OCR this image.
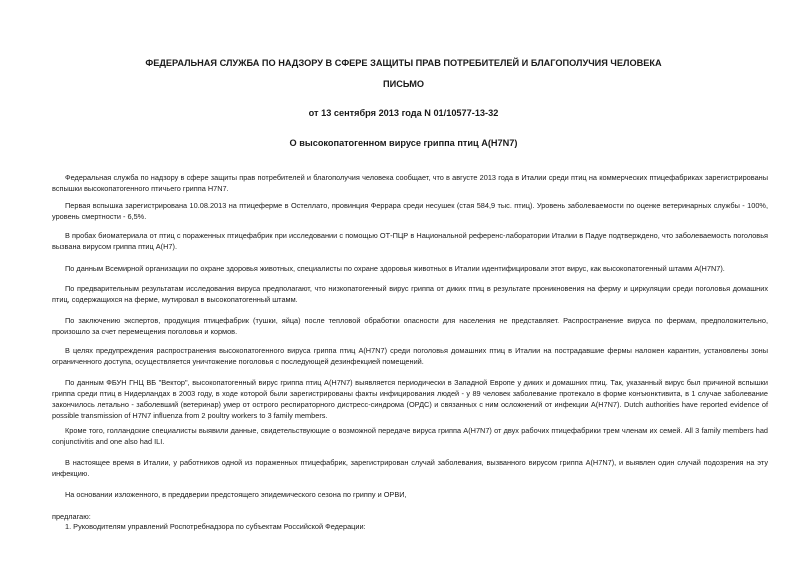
ФЕДЕРАЛЬНАЯ СЛУЖБА ПО НАДЗОРУ В СФЕРЕ ЗАЩИТЫ ПРАВ ПОТРЕБИТЕЛЕЙ И БЛАГОПОЛУЧИЯ ЧЕЛОВЕКА
ПИСЬМО
от 13 сентября 2013 года N 01/10577-13-32
О высокопатогенном вирусе гриппа птиц A(H7N7)

Федеральная служба по надзору в сфере защиты прав потребителей и благополучия человека сообщает, что в августе 2013 года в Италии среди птиц на коммерческих птицефабриках зарегистрированы вспышки высокопатогенного птичьего гриппа H7N7.

Первая вспышка зарегистрирована 10.08.2013 на птицеферме в Остеллато, провинция Феррара среди несушек (стая 584,9 тыс. птиц). Уровень заболеваемости по оценке ветеринарных службы - 100%, уровень смертности - 6,5%.

В пробах биоматериала от птиц с пораженных птицефабрик при исследовании с помощью ОТ-ПЦР в Национальной референс-лаборатории Италии в Падуе подтверждено, что заболеваемость поголовья вызвана вирусом гриппа птиц A(H7).

По данным Всемирной организации по охране здоровья животных, специалисты по охране здоровья животных в Италии идентифицировали этот вирус, как высокопатогенный штамм A(H7N7).

По предварительным результатам исследования вируса предполагают, что низкопатогенный вирус гриппа от диких птиц в результате проникновения на ферму и циркуляции среди поголовья домашних птиц, содержащихся на ферме, мутировал в высокопатогенный штамм.

По заключению экспертов, продукция птицефабрик (тушки, яйца) после тепловой обработки опасности для населения не представляет. Распространение вируса по фермам, предположительно, произошло за счет перемещения поголовья и кормов.

В целях предупреждения распространения высокопатогенного вируса гриппа птиц A(H7N7) среди поголовья домашних птиц в Италии на пострадавшие фермы наложен карантин, установлены зоны ограниченного доступа, осуществляется уничтожение поголовья с последующей дезинфекцией помещений.

По данным ФБУН ГНЦ ВБ "Вектор", высокопатогенный вирус гриппа птиц A(H7N7) выявляется периодически в Западной Европе у диких и домашних птиц. Так, указанный вирус был причиной вспышки гриппа среди птиц в Нидерландах в 2003 году, в ходе которой были зарегистрированы факты инфицирования людей - у 89 человек заболевание протекало в форме конъюнктивита, в 1 случае заболевание закончилось летально - заболевший (ветеринар) умер от острого респираторного дистресс-синдрома (ОРДС) и связанных с ним осложнений от инфекции A(H7N7). Dutch authorities have reported evidence of possible transmission of H7N7 influenza from 2 poultry workers to 3 family members.

Кроме того, голландские специалисты выявили данные, свидетельствующие о возможной передаче вируса гриппа A(H7N7) от двух рабочих птицефабрики трем членам их семей. All 3 family members had conjunctivitis and one also had ILI.

В настоящее время в Италии, у работников одной из пораженных птицефабрик, зарегистрирован случай заболевания, вызванного вирусом гриппа A(H7N7), и выявлен один случай подозрения на эту инфекцию.

На основании изложенного, в преддверии предстоящего эпидемического сезона по гриппу и ОРВИ,

предлагаю:

1. Руководителям управлений Роспотребнадзора по субъектам Российской Федерации:
